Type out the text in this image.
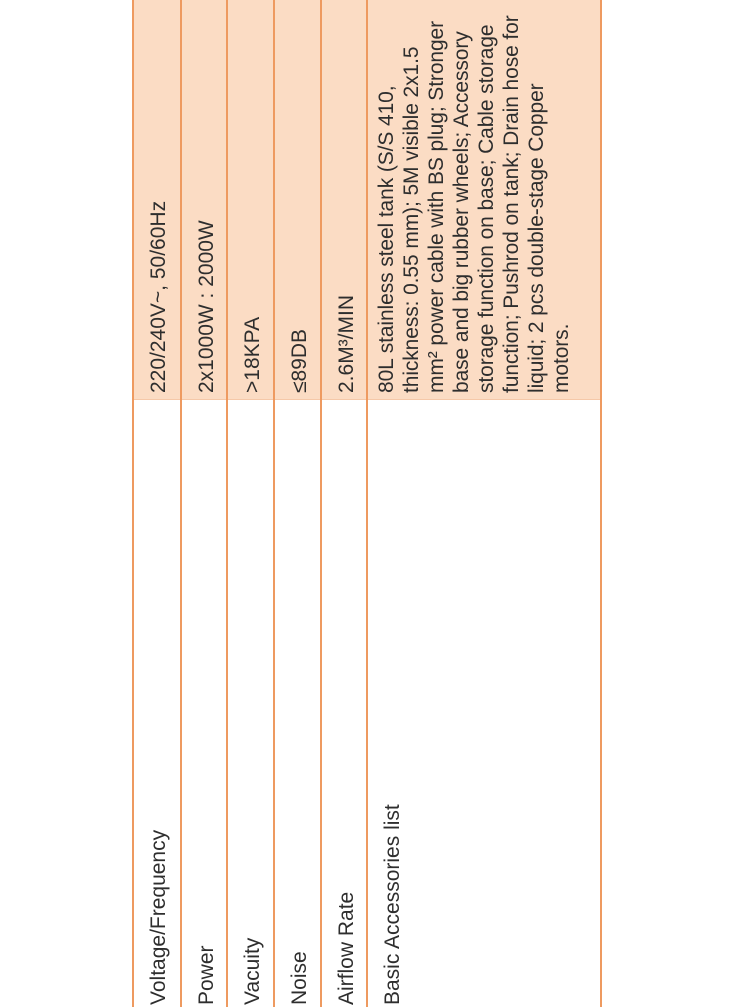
Voltage/Frequency
220/240V~, 50/60Hz
Power
2x1000W : 2000W
Vacuity
>18KPA
Noise
≤89DB
Airflow Rate
2.6M³/MIN
Basic Accessories list
80L stainless steel tank (S/S 410, thickness: 0.55 mm); 5M visible 2x1.5 mm² power cable with BS plug; Stronger base and big rubber wheels; Accessory storage function on base; Cable storage function; Pushrod on tank; Drain hose for liquid; 2 pcs double-stage Copper motors.
